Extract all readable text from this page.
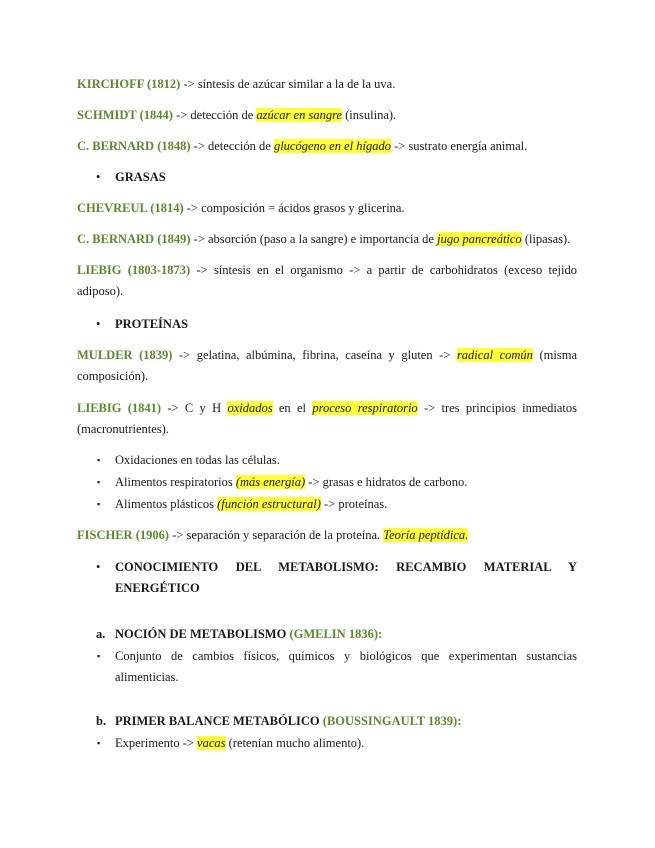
KIRCHOFF (1812) -> síntesis de azúcar similar a la de la uva.

SCHMIDT (1844) -> detección de azúcar en sangre (insulina).

C. BERNARD (1848) -> detección de glucógeno en el hígado -> sustrato energía animal.

•	GRASAS

CHEVREUL (1814) -> composición = ácidos grasos y glicerina.

C. BERNARD (1849) -> absorción (paso a la sangre) e importancia de jugo pancreático (lipasas).

LIEBIG (1803-1873) -> síntesis en el organismo -> a partir de carbohidratos (exceso tejido

adiposo).

•	PROTEÍNAS

MULDER (1839) -> gelatina, albúmina, fibrina, caseína y gluten -> radical común (misma

composición).

LIEBIG (1841) -> C y H oxidados en el proceso respiratorio -> tres principios inmediatos

(macronutrientes).

▪ Oxidaciones en todas las células.

▪ Alimentos respiratorios (más energía) -> grasas e hidratos de carbono.

▪ Alimentos plásticos (función estructural) -> proteínas.

FISCHER (1906) -> separación y separación de la proteína. Teoría peptídica.

•	CONOCIMIENTO DEL METABOLISMO: RECAMBIO MATERIAL Y

ENERGÉTICO

a. NOCIÓN DE METABOLISMO (GMELIN 1836):

▪ Conjunto de cambios físicos, químicos y biológicos que experimentan sustancias

alimenticias.

b. PRIMER BALANCE METABÓLICO (BOUSSINGAULT 1839):

▪ Experimento -> vacas (retenían mucho alimento).
